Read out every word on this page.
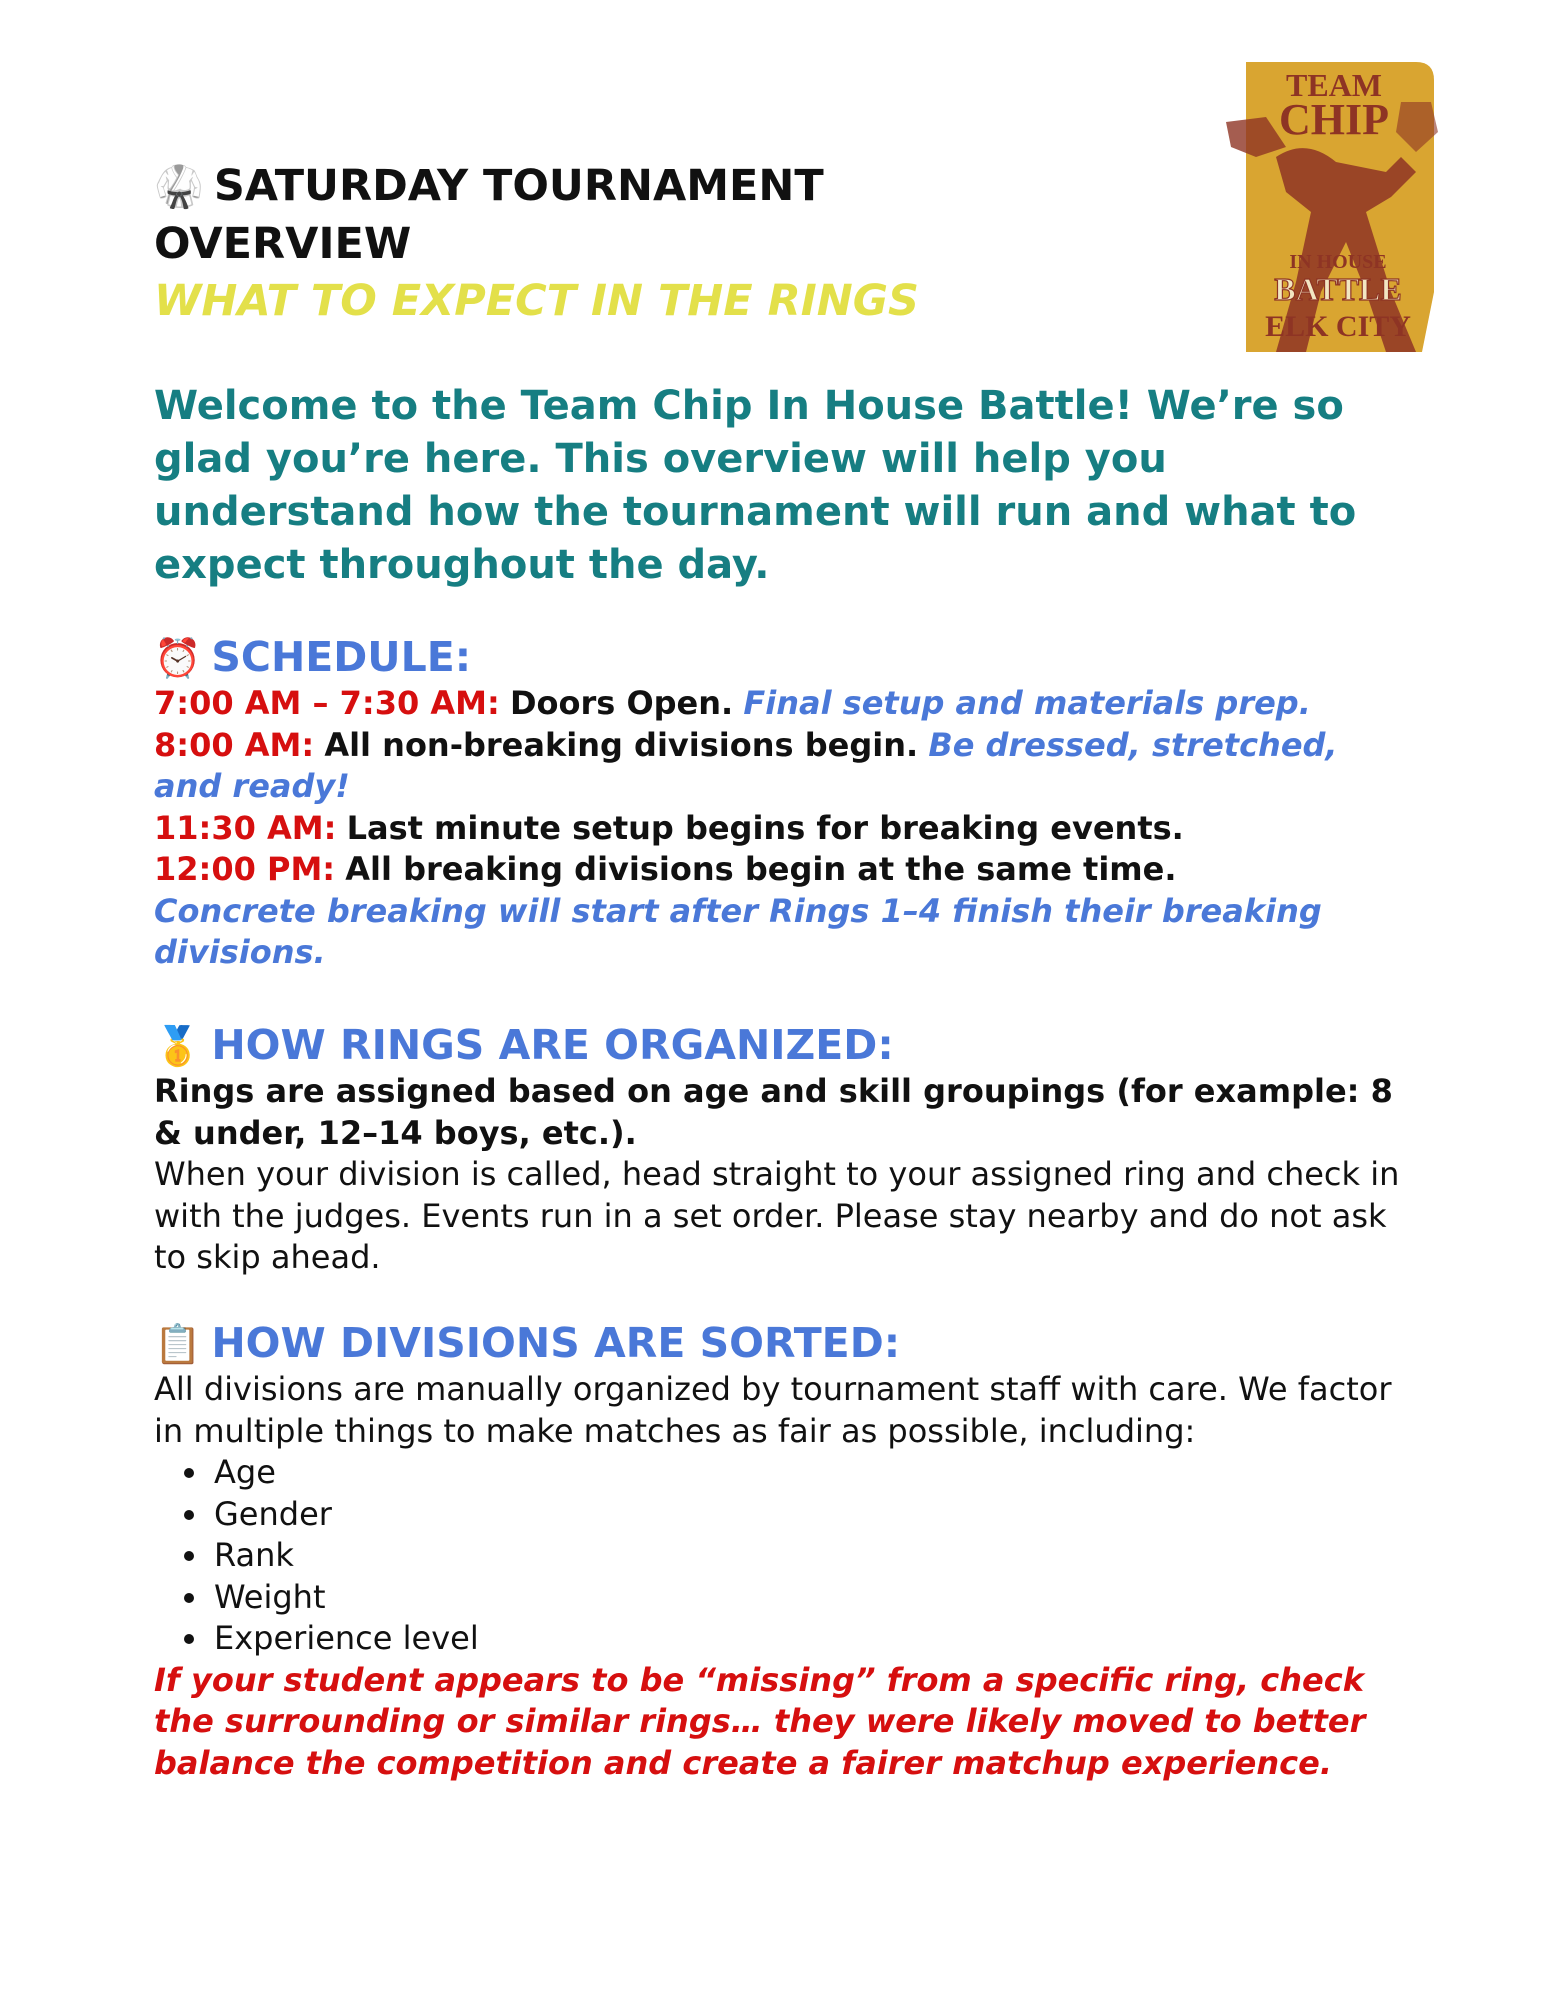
🥋 SATURDAY TOURNAMENT
OVERVIEW
WHAT TO EXPECT IN THE RINGS
TEAM
CHIP
IN HOUSE
BATTLE
ELK CITY
Welcome to the Team Chip In House Battle! We’re so glad you’re here. This overview will help you understand how the tournament will run and what to expect throughout the day.
⏰ SCHEDULE:
7:00 AM – 7:30 AM: Doors Open. Final setup and materials prep.
8:00 AM: All non-breaking divisions begin. Be dressed, stretched, and ready!
11:30 AM: Last minute setup begins for breaking events.
12:00 PM: All breaking divisions begin at the same time.
Concrete breaking will start after Rings 1–4 finish their breaking divisions.
🥇 HOW RINGS ARE ORGANIZED:
Rings are assigned based on age and skill groupings (for example: 8 & under, 12–14 boys, etc.).
When your division is called, head straight to your assigned ring and check in with the judges. Events run in a set order. Please stay nearby and do not ask to skip ahead.
📋 HOW DIVISIONS ARE SORTED:
All divisions are manually organized by tournament staff with care. We factor in multiple things to make matches as fair as possible, including:
Age
Gender
Rank
Weight
Experience level
If your student appears to be “missing” from a specific ring, check the surrounding or similar rings… they were likely moved to better balance the competition and create a fairer matchup experience.
